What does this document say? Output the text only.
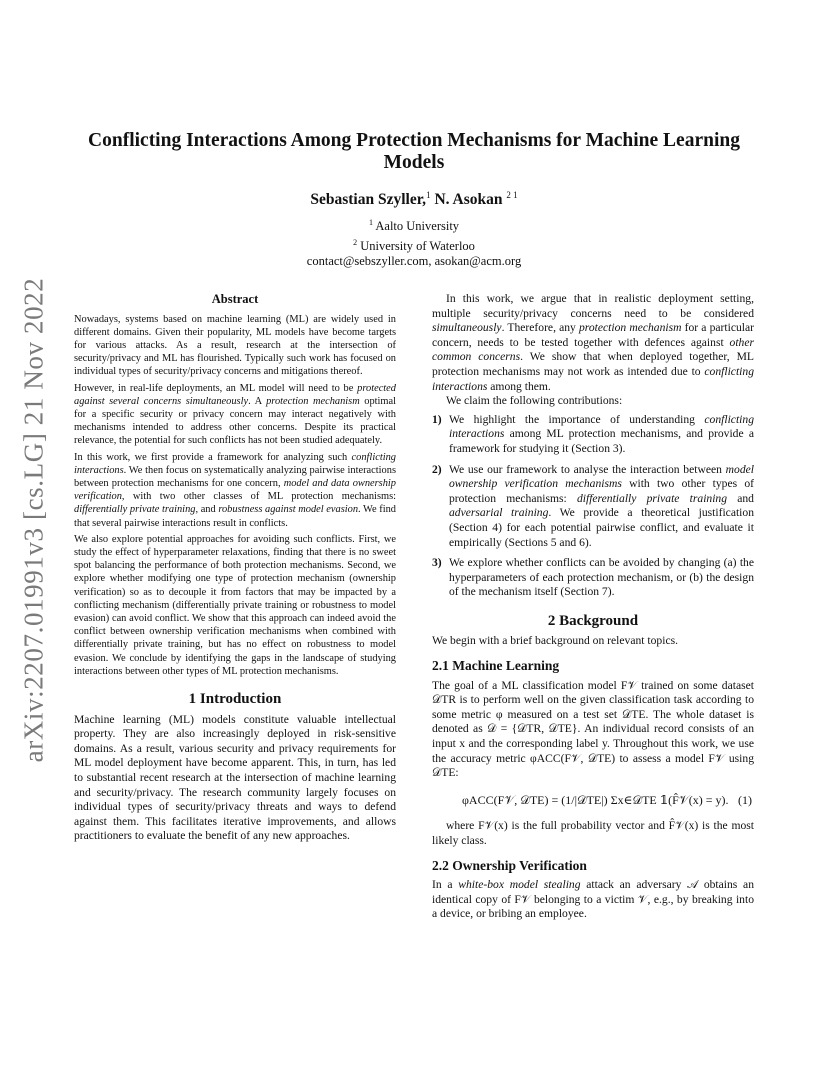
arXiv:2207.01991v3 [cs.LG] 21 Nov 2022
Conflicting Interactions Among Protection Mechanisms for Machine Learning Models
Sebastian Szyller,$^1$ N. Asokan $^{2 1}$
$^1$ Aalto University
$^2$ University of Waterloo
contact@sebszyller.com, asokan@acm.org
Abstract

Nowadays, systems based on machine learning (ML) are widely used in different domains. Given their popularity, ML models have become targets for various attacks. As a result, research at the intersection of security/privacy and ML has flourished. Typically such work has focused on individual types of security/privacy concerns and mitigations thereof.

However, in real-life deployments, an ML model will need to be protected against several concerns simultaneously. A protection mechanism optimal for a specific security or privacy concern may interact negatively with mechanisms intended to address other concerns. Despite its practical relevance, the potential for such conflicts has not been studied adequately.

In this work, we first provide a framework for analyzing such conflicting interactions. We then focus on systematically analyzing pairwise interactions between protection mechanisms for one concern, model and data ownership verification, with two other classes of ML protection mechanisms: differentially private training, and robustness against model evasion. We find that several pairwise interactions result in conflicts.

We also explore potential approaches for avoiding such conflicts. First, we study the effect of hyperparameter relaxations, finding that there is no sweet spot balancing the performance of both protection mechanisms. Second, we explore whether modifying one type of protection mechanism (ownership verification) so as to decouple it from factors that may be impacted by a conflicting mechanism (differentially private training or robustness to model evasion) can avoid conflict. We show that this approach can indeed avoid the conflict between ownership verification mechanisms when combined with differentially private training, but has no effect on robustness to model evasion. We conclude by identifying the gaps in the landscape of studying interactions between other types of ML protection mechanisms.

1 Introduction

Machine learning (ML) models constitute valuable intellectual property. They are also increasingly deployed in risk-sensitive domains. As a result, various security and privacy requirements for ML model deployment have become apparent. This, in turn, has led to substantial recent research at the intersection of machine learning and security/privacy. The research community largely focuses on individual types of security/privacy threats and ways to defend against them. This facilitates iterative improvements, and allows practitioners to evaluate the benefit of any new approaches.

In this work, we argue that in realistic deployment setting, multiple security/privacy concerns need to be considered simultaneously. Therefore, any protection mechanism for a particular concern, needs to be tested together with defences against other common concerns. We show that when deployed together, ML protection mechanisms may not work as intended due to conflicting interactions among them.

We claim the following contributions:

1) We highlight the importance of understanding conflicting interactions among ML protection mechanisms, and provide a framework for studying it (Section 3).
2) We use our framework to analyse the interaction between model ownership verification mechanisms with two other types of protection mechanisms: differentially private training and adversarial training. We provide a theoretical justification (Section 4) for each potential pairwise conflict, and evaluate it empirically (Sections 5 and 6).
3) We explore whether conflicts can be avoided by changing (a) the hyperparameters of each protection mechanism, or (b) the design of the mechanism itself (Section 7).
2 Background

We begin with a brief background on relevant topics.

2.1 Machine Learning

The goal of a ML classification model F𝒱 trained on some dataset 𝒟TR is to perform well on the given classification task according to some metric φ measured on a test set 𝒟TE. The whole dataset is denoted as 𝒟 = {𝒟TR, 𝒟TE}. An individual record consists of an input x and the corresponding label y. Throughout this work, we use the accuracy metric φACC(F𝒱, 𝒟TE) to assess a model F𝒱 using 𝒟TE:

φACC(F𝒱, 𝒟TE) = (1/|𝒟TE|) Σx∈𝒟TE 𝟙(F̂𝒱(x) = y). (1)

where F𝒱(x) is the full probability vector and F̂𝒱(x) is the most likely class.

2.2 Ownership Verification

In a white-box model stealing attack an adversary 𝒜 obtains an identical copy of F𝒱 belonging to a victim 𝒱, e.g., by breaking into a device, or bribing an employee.
